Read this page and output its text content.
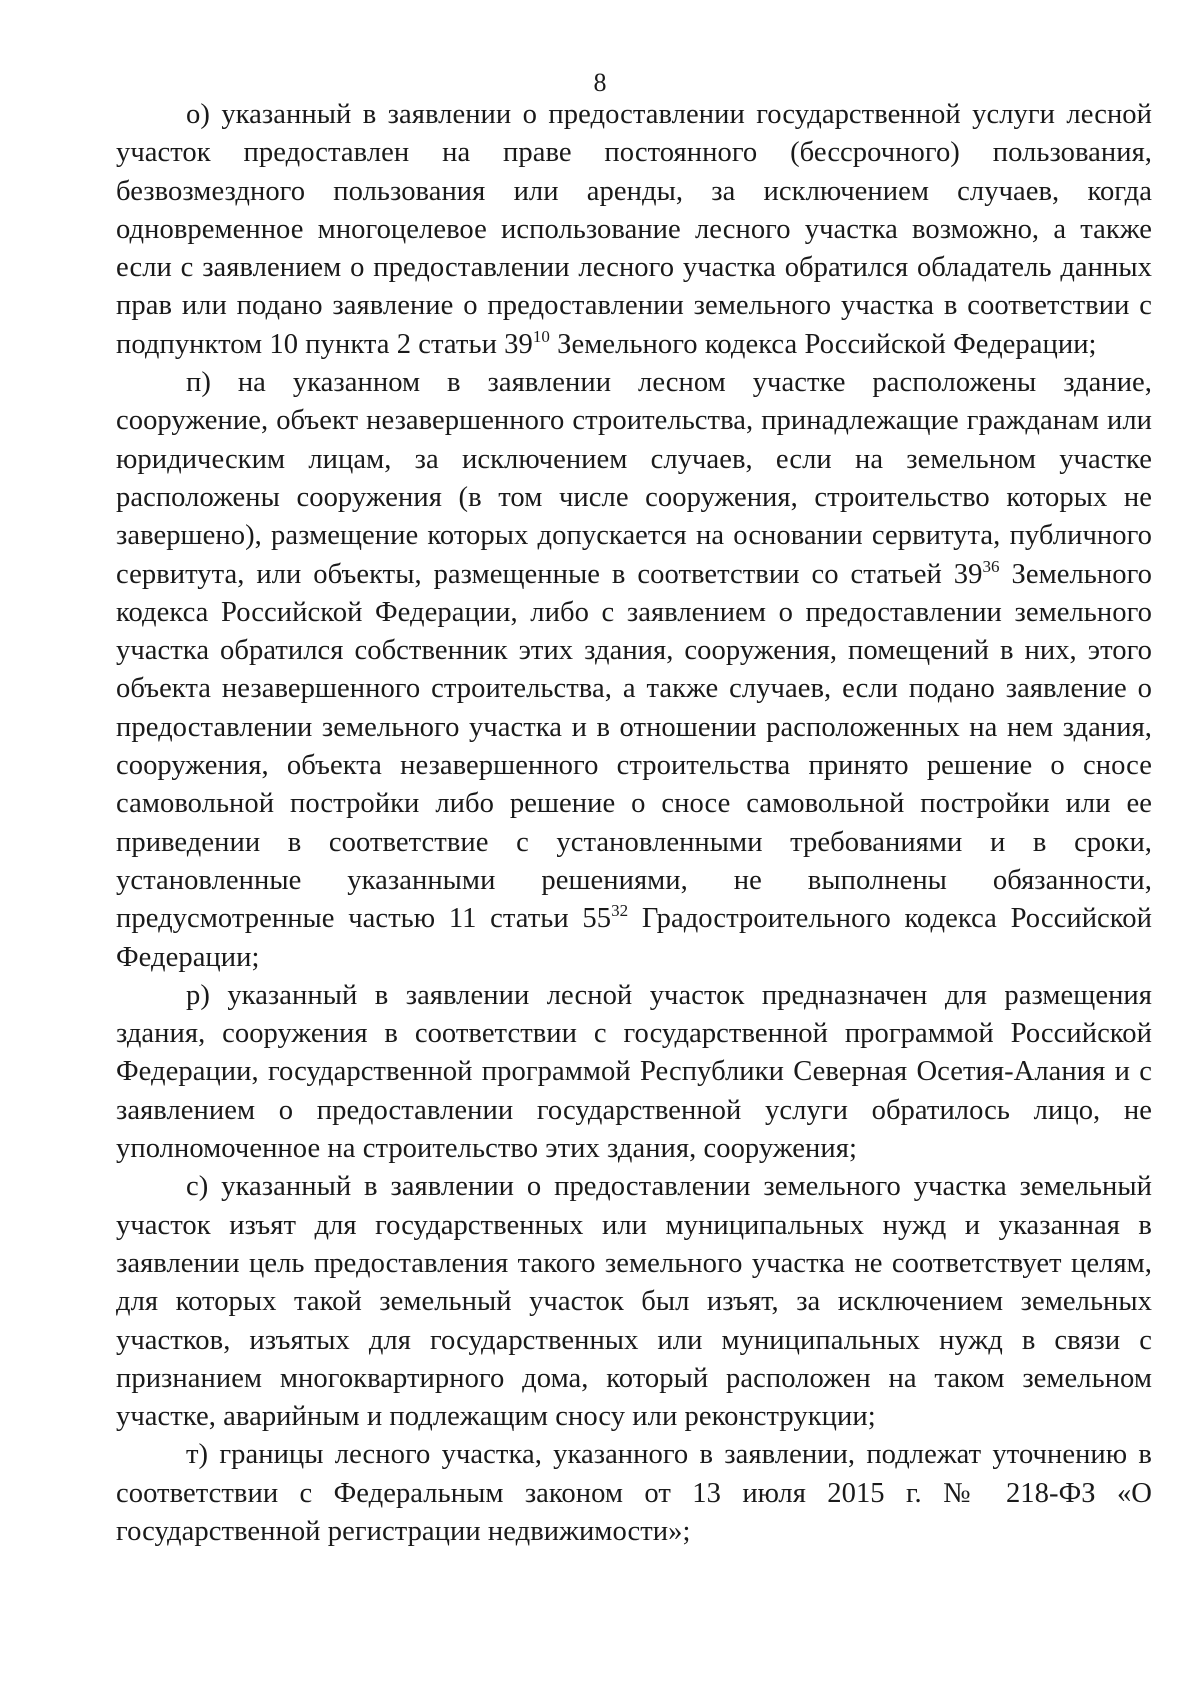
8

о) указанный в заявлении о предоставлении государственной услуги лесной участок предоставлен на праве постоянного (бессрочного) пользования, безвозмездного пользования или аренды, за исключением случаев, когда одновременное многоцелевое использование лесного участка возможно, а также если с заявлением о предоставлении лесного участка обратился обладатель данных прав или подано заявление о предоставлении земельного участка в соответствии с подпунктом 10 пункта 2 статьи $39^{10}$ Земельного кодекса Российской Федерации;

п) на указанном в заявлении лесном участке расположены здание, сооружение, объект незавершенного строительства, принадлежащие гражданам или юридическим лицам, за исключением случаев, если на земельном участке расположены сооружения (в том числе сооружения, строительство которых не завершено), размещение которых допускается на основании сервитута, публичного сервитута, или объекты, размещенные в соответствии со статьей $39^{36}$ Земельного кодекса Российской Федерации, либо с заявлением о предоставлении земельного участка обратился собственник этих здания, сооружения, помещений в них, этого объекта незавершенного строительства, а также случаев, если подано заявление о предоставлении земельного участка и в отношении расположенных на нем здания, сооружения, объекта незавершенного строительства принято решение о сносе самовольной постройки либо решение о сносе самовольной постройки или ее приведении в соответствие с установленными требованиями и в сроки, установленные указанными решениями, не выполнены обязанности, предусмотренные частью 11 статьи $55^{32}$ Градостроительного кодекса Российской Федерации;

р) указанный в заявлении лесной участок предназначен для размещения здания, сооружения в соответствии с государственной программой Российской Федерации, государственной программой Республики Северная Осетия-Алания и с заявлением о предоставлении государственной услуги обратилось лицо, не уполномоченное на строительство этих здания, сооружения;

с) указанный в заявлении о предоставлении земельного участка земельный участок изъят для государственных или муниципальных нужд и указанная в заявлении цель предоставления такого земельного участка не соответствует целям, для которых такой земельный участок был изъят, за исключением земельных участков, изъятых для государственных или муниципальных нужд в связи с признанием многоквартирного дома, который расположен на таком земельном участке, аварийным и подлежащим сносу или реконструкции;

т) границы лесного участка, указанного в заявлении, подлежат уточнению в соответствии с Федеральным законом от 13 июля 2015 г. № 218-ФЗ «О государственной регистрации недвижимости»;
